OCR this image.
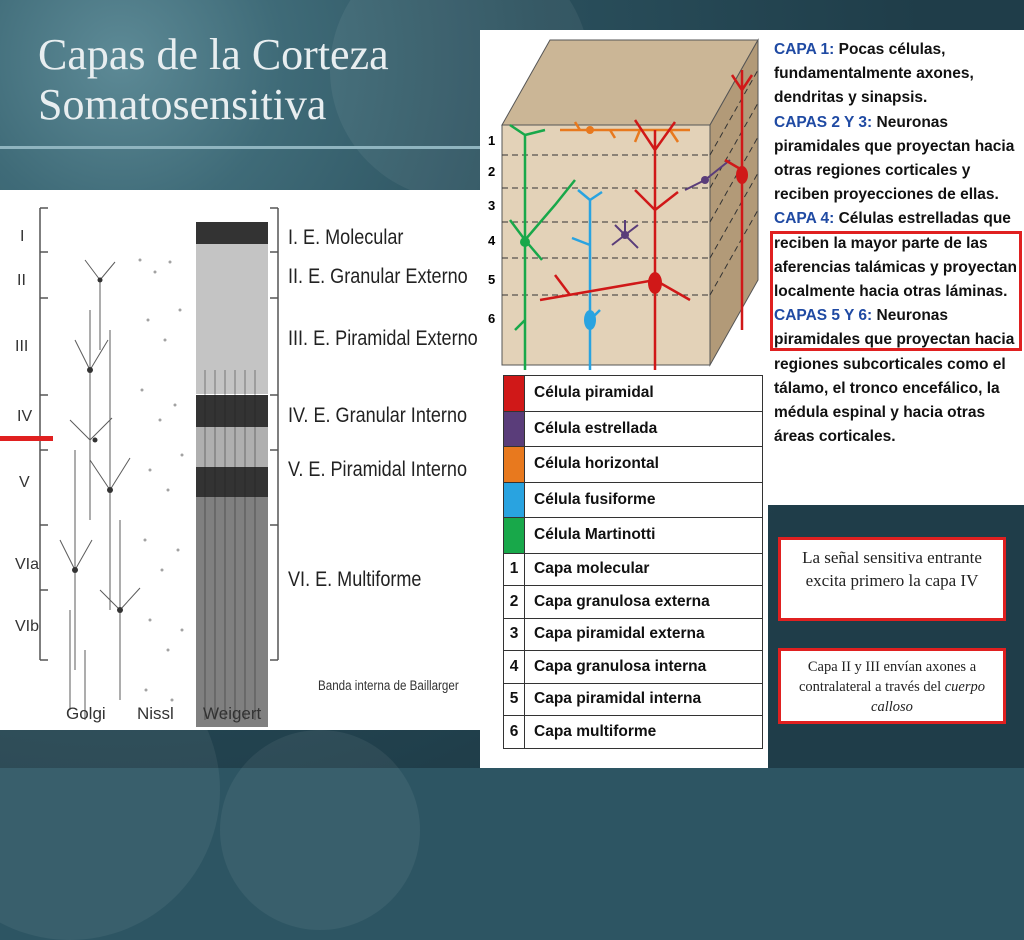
Capas de la Corteza
Somatosensitiva
I
II
III
IV
V
VIa
VIb
I. E. Molecular
II. E. Granular Externo
III. E. Piramidal Externo
IV. E. Granular Interno
V. E. Piramidal Interno
Banda interna de Baillarger
VI. E. Multiforme
Golgi Nissl Weigert
1
2
3
4
5
6
	Célula piramidal
	Célula estrellada
	Célula horizontal
	Célula fusiforme
	Célula Martinotti
1	Capa molecular
2	Capa granulosa externa
3	Capa piramidal externa
4	Capa granulosa interna
5	Capa piramidal interna
6	Capa multiforme
CAPA 1: Pocas células, fundamentalmente axones, dendritas y sinapsis.
CAPAS 2 Y 3: Neuronas piramidales que proyectan hacia otras regiones corticales y reciben proyecciones de ellas.
CAPA 4: Células estrelladas que reciben la mayor parte de las aferencias talámicas y proyectan localmente hacia otras láminas.
CAPAS 5 Y 6: Neuronas piramidales que proyectan hacia regiones subcorticales como el tálamo, el tronco encefálico, la médula espinal y hacia otras áreas corticales.
La señal sensitiva entrante excita primero la capa IV
Capa II y III envían axones a contralateral a través del cuerpo calloso
